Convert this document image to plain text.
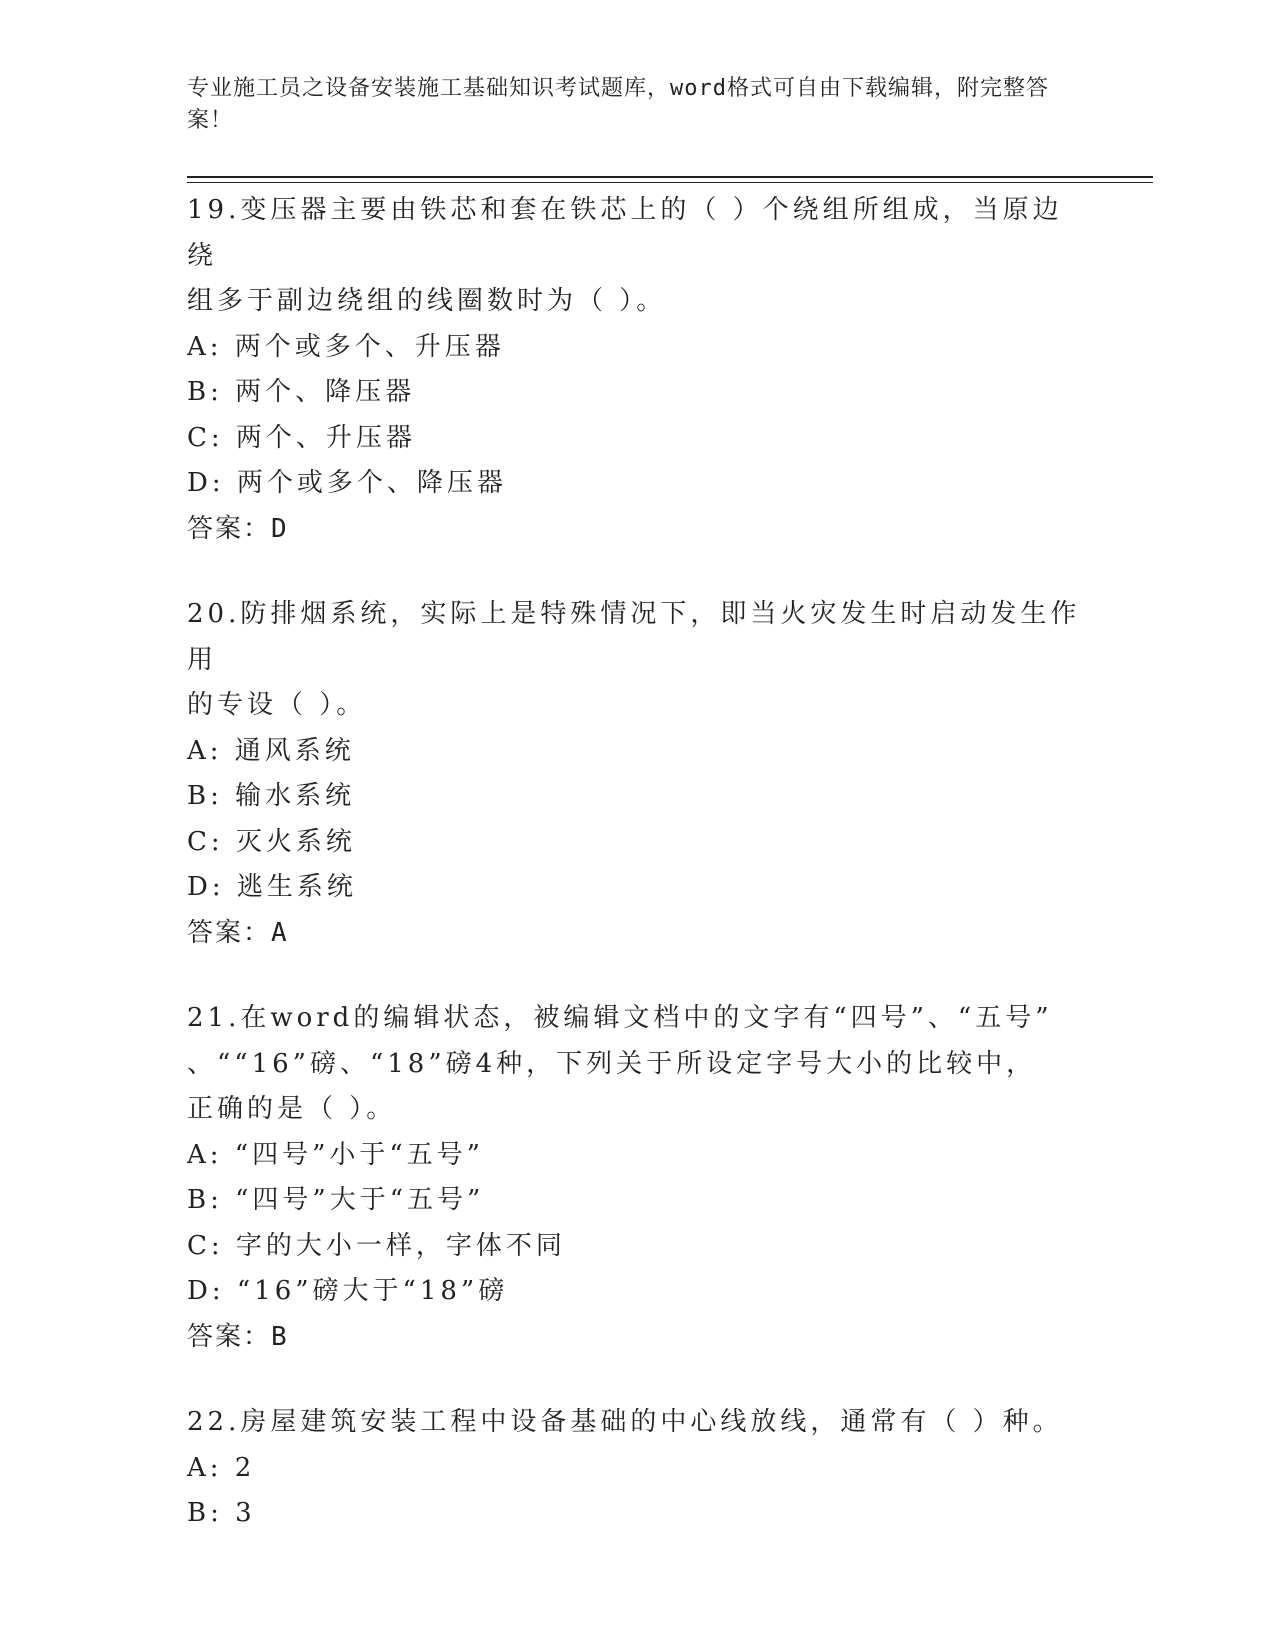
专业施工员之设备安装施工基础知识考试题库，word格式可自由下载编辑，附完整答案！
19.变压器主要由铁芯和套在铁芯上的（ ）个绕组所组成，当原边绕
组多于副边绕组的线圈数时为（ ）。
A: 两个或多个、升压器
B: 两个、降压器
C: 两个、升压器
D: 两个或多个、降压器
答案：D
20.防排烟系统，实际上是特殊情况下，即当火灾发生时启动发生作用
的专设（ ）。
A: 通风系统
B: 输水系统
C: 灭火系统
D: 逃生系统
答案：A
21.在word的编辑状态，被编辑文档中的文字有“四号”、“五号”
、““16”磅、“18”磅4种，下列关于所设定字号大小的比较中，
正确的是（ ）。
A: “四号”小于“五号”
B: “四号”大于“五号”
C: 字的大小一样，字体不同
D: “16”磅大于“18”磅
答案：B
22.房屋建筑安装工程中设备基础的中心线放线，通常有（ ）种。
A: 2
B: 3
